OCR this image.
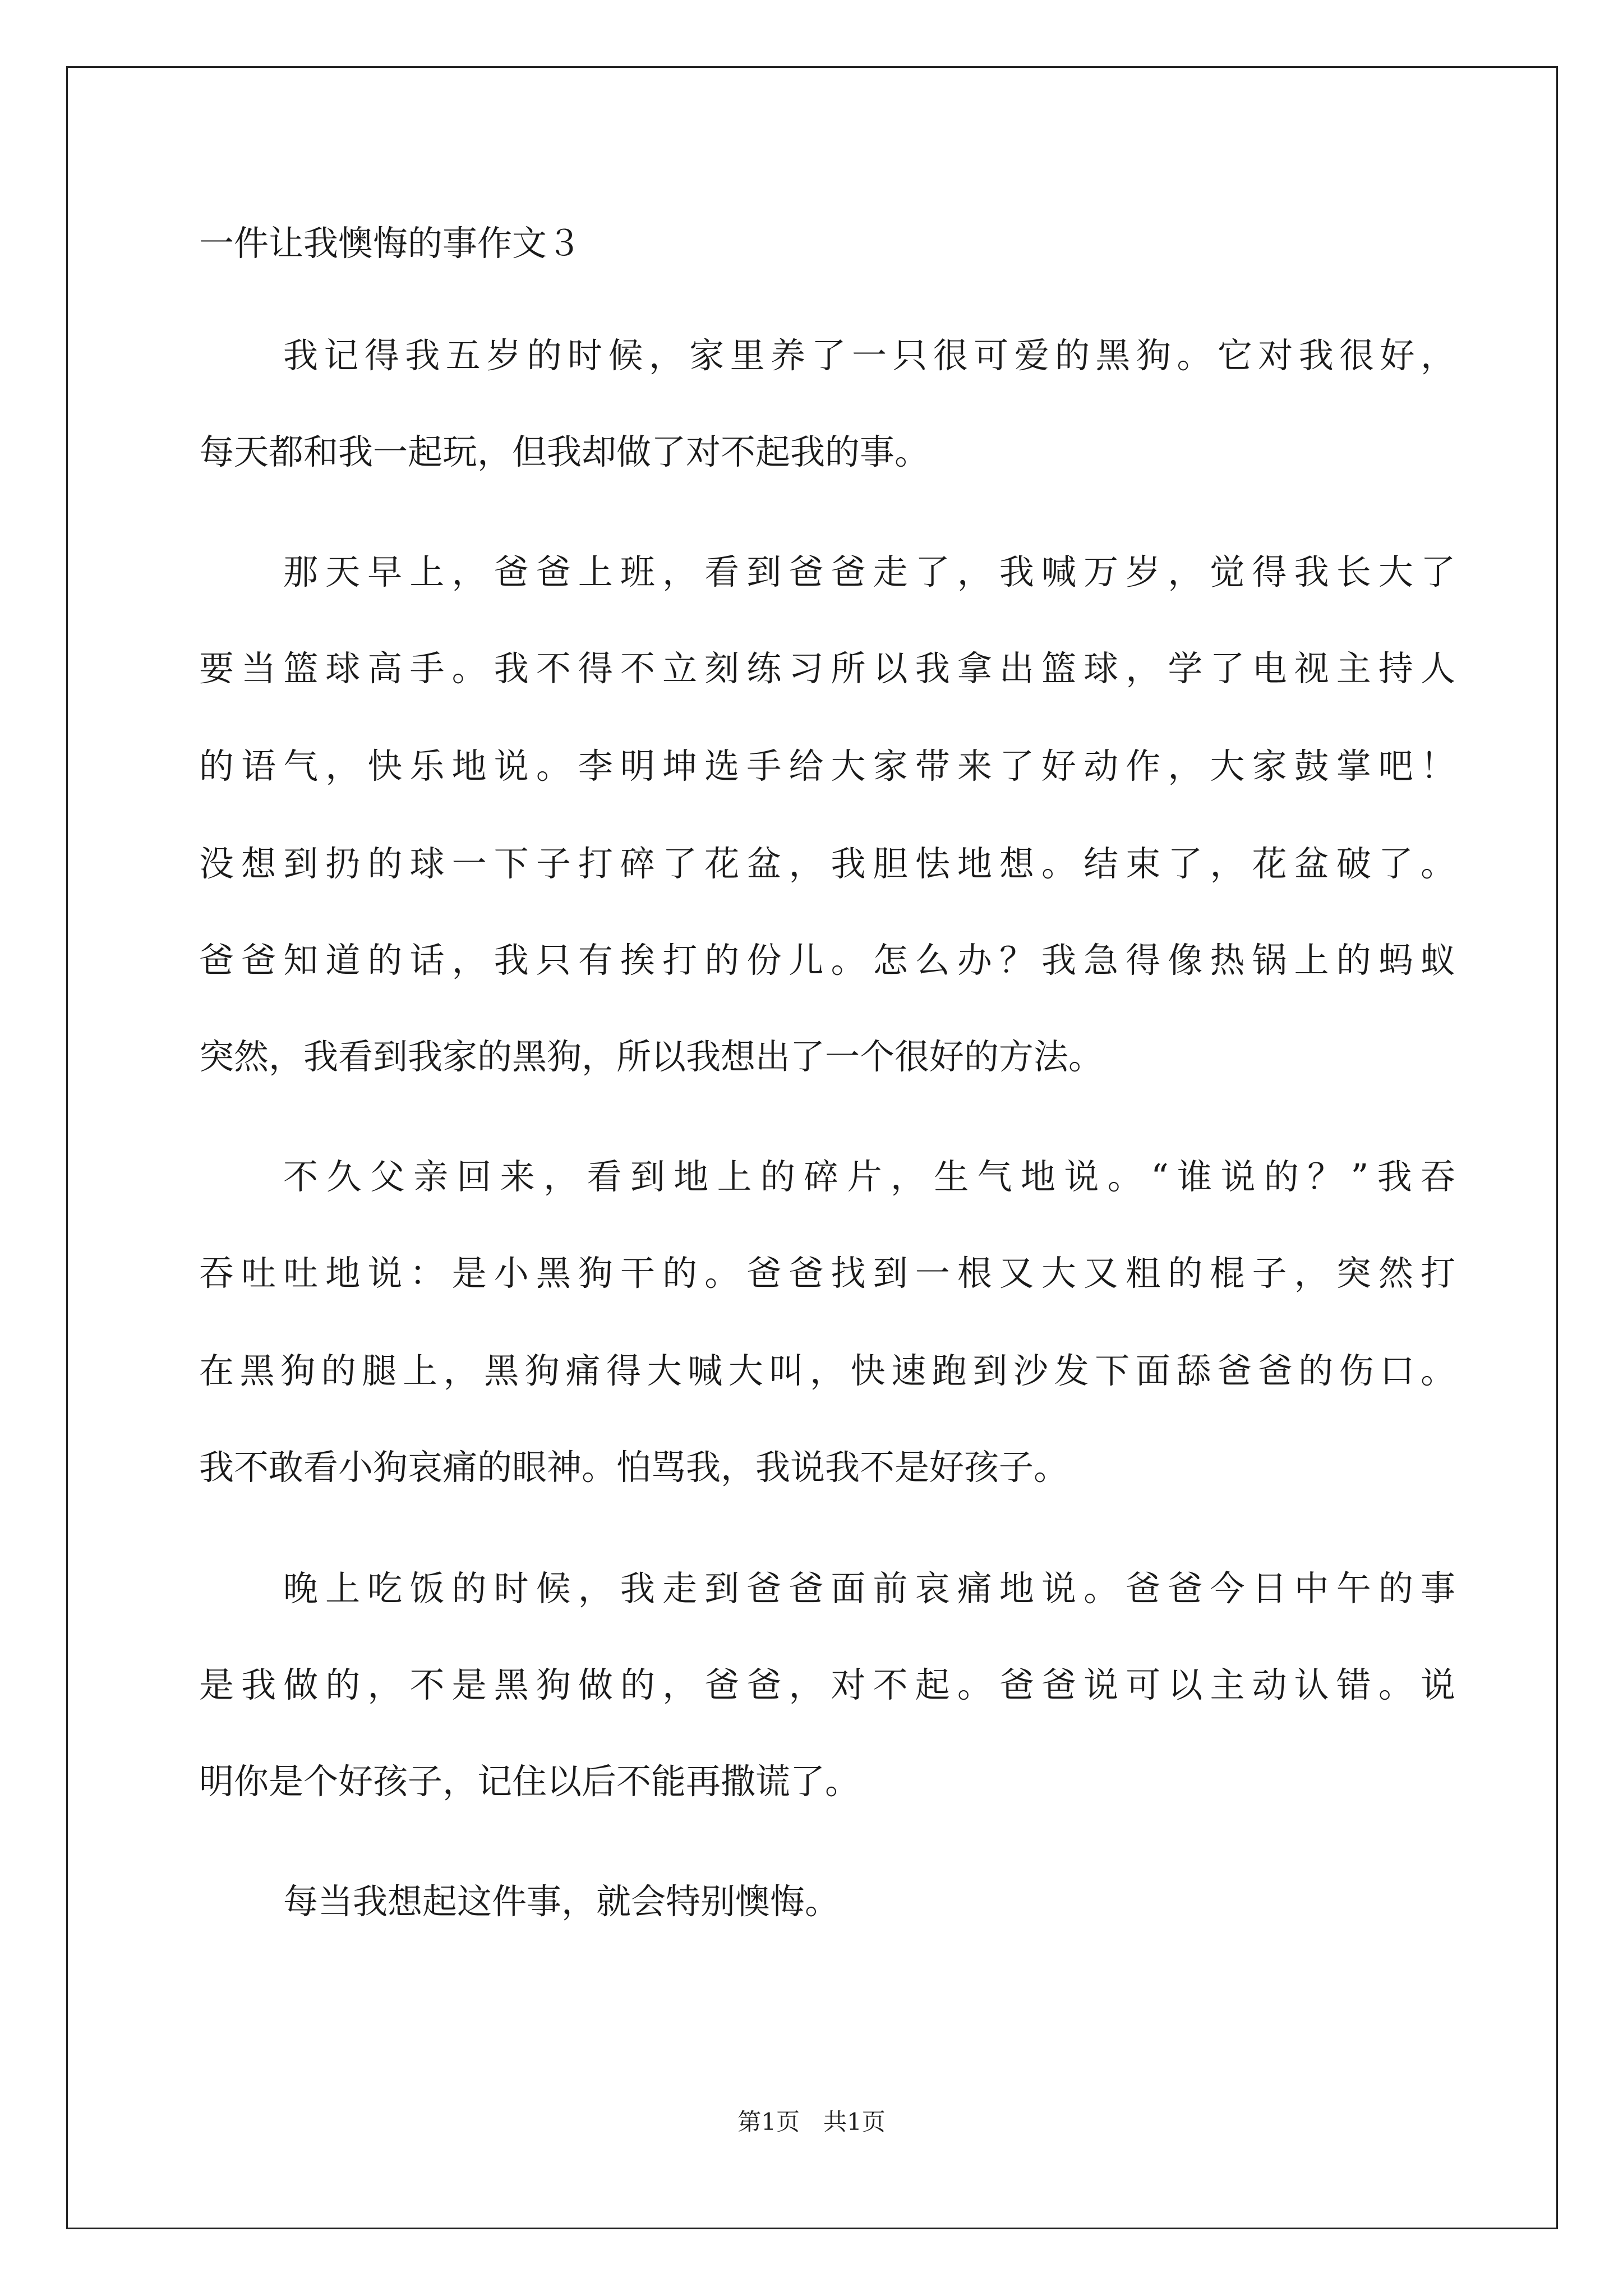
一件让我懊悔的事作文３
我记得我五岁的时候，家里养了一只很可爱的黑狗。它对我很好，
每天都和我一起玩，但我却做了对不起我的事。
那天早上，爸爸上班，看到爸爸走了，我喊万岁，觉得我长大了
要当篮球高手。我不得不立刻练习所以我拿出篮球，学了电视主持人
的语气，快乐地说。李明坤选手给大家带来了好动作，大家鼓掌吧！
没想到扔的球一下子打碎了花盆，我胆怯地想。结束了，花盆破了。
爸爸知道的话，我只有挨打的份儿。怎么办？我急得像热锅上的蚂蚁
突然，我看到我家的黑狗，所以我想出了一个很好的方法。
不久父亲回来，看到地上的碎片，生气地说。“谁说的？”我吞
吞吐吐地说：是小黑狗干的。爸爸找到一根又大又粗的棍子，突然打
在黑狗的腿上，黑狗痛得大喊大叫，快速跑到沙发下面舔爸爸的伤口。
我不敢看小狗哀痛的眼神。怕骂我，我说我不是好孩子。
晚上吃饭的时候，我走到爸爸面前哀痛地说。爸爸今日中午的事
是我做的，不是黑狗做的，爸爸，对不起。爸爸说可以主动认错。说
明你是个好孩子，记住以后不能再撒谎了。
每当我想起这件事，就会特别懊悔。
第1页　共1页
